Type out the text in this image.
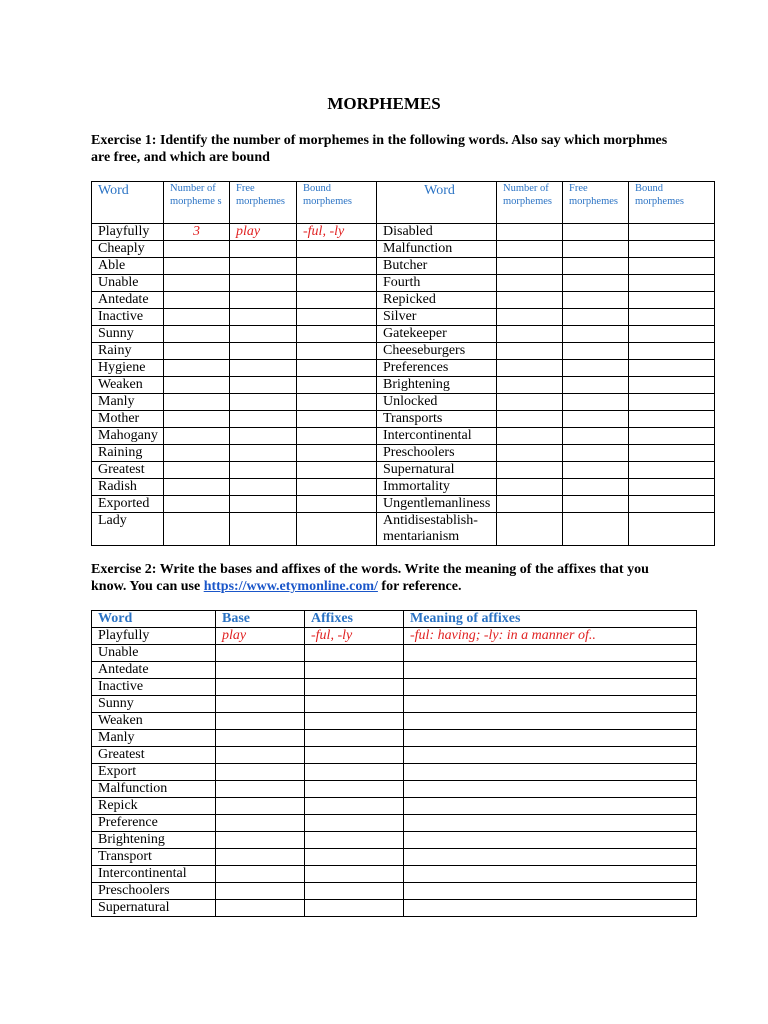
MORPHEMES
Exercise 1: Identify the number of morphemes in the following words. Also say which morphmes are free, and which are bound
Word	Number of morpheme s	Free morphemes	Bound morphemes	Word	Number of morphemes	Free morphemes	Bound morphemes
Playfully	3	play	-ful, -ly	Disabled			
Cheaply				Malfunction			
Able				Butcher			
Unable				Fourth			
Antedate				Repicked			
Inactive				Silver			
Sunny				Gatekeeper			
Rainy				Cheeseburgers			
Hygiene				Preferences			
Weaken				Brightening			
Manly				Unlocked			
Mother				Transports			
Mahogany				Intercontinental			
Raining				Preschoolers			
Greatest				Supernatural			
Radish				Immortality			
Exported				Ungentlemanliness			
Lady				Antidisestablish-mentarianism			
Exercise 2: Write the bases and affixes of the words. Write the meaning of the affixes that you know. You can use https://www.etymonline.com/ for reference.
Word	Base	Affixes	Meaning of affixes
Playfully	play	-ful, -ly	-ful: having; -ly: in a manner of..
Unable			
Antedate			
Inactive			
Sunny			
Weaken			
Manly			
Greatest			
Export			
Malfunction			
Repick			
Preference			
Brightening			
Transport			
Intercontinental			
Preschoolers			
Supernatural			
